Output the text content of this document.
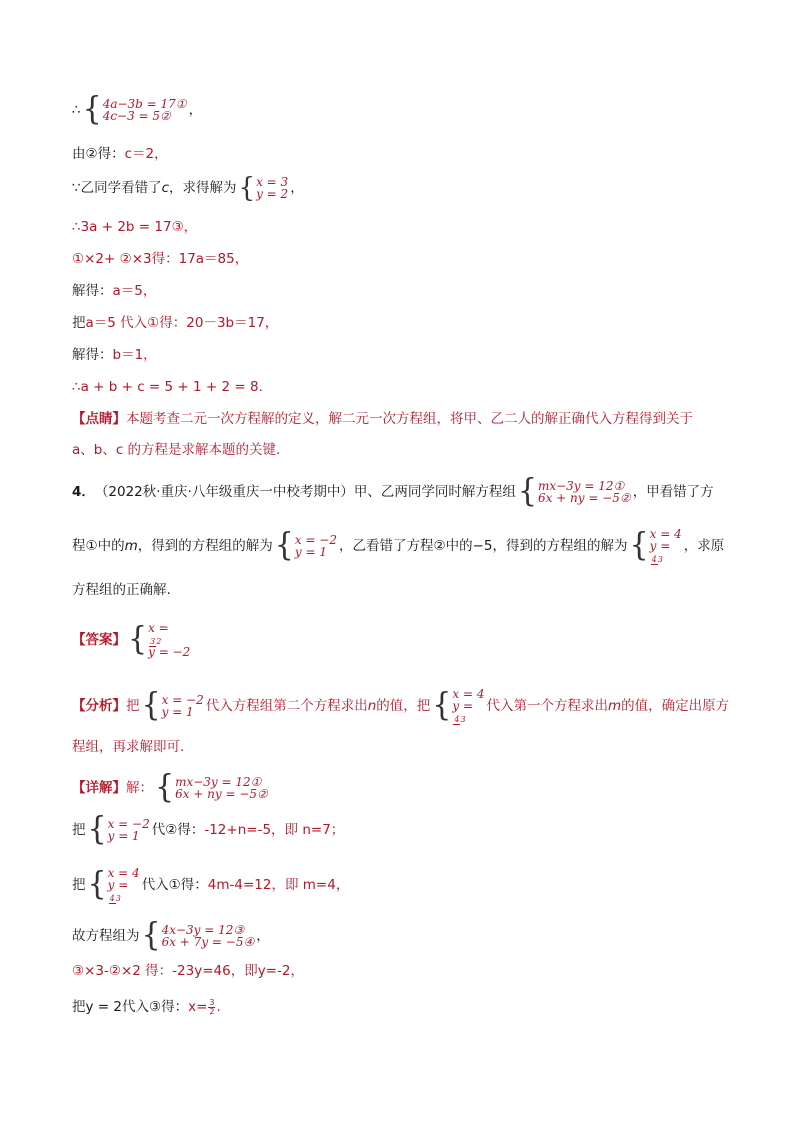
∴ { 4a−3b = 17①
4c−3 = 5②	，
由②得： c＝2，
∵乙同学看错了 c ，求得解为 { x = 3
y = 2 ，
∴3a + 2b = 17③，
①×2+ ②×3得： 17a＝85，
解得： a＝5，
把 a＝5 代入①得： 20－3b＝17，
解得： b＝1，
∴a + b + c = 5 + 1 + 2 = 8.
【点睛】 本题考查二元一次方程解的定义，解二元一次方程组，将甲、乙二人的解正确代入方程得到关于
a、b、c 的方程是求解本题的关键.
4． （2022秋·重庆·八年级重庆一中校考期中） 甲、乙两同学同时解方程组 { mx−3y = 12①
6x + ny = −5② ，甲看错了方
程①中的 m ，得到的方程组的解为 { x = −2
y = 1 ，乙看错了方程②中的−5，得到的方程组的解为 { x = 4
y =
43
，求原
方程组的正确解.
【答案】 { x =
32
y = −2
【分析】 把 { x = −2
y = 1 代入方程组第二个方程求出 n 的值，把 { x = 4
y =
43
代入第一个方程求出 m 的值，确定出原方
程组，再求解即可.
【详解】 解： { mx−3y = 12①
6x + ny = −5②
把 { x = −2
y = 1 代②得： -12+n=-5，即 n=7；
把 { x = 4
y =
43
代入①得： 4m-4=12，即 m=4，
故方程组为 { 4x−3y = 12③
6x + 7y = −5④ ，
③×3-②×2 得： -23y=46，即y=-2，
把y = 2代入③得： $x= \frac{3}{2}$ .
